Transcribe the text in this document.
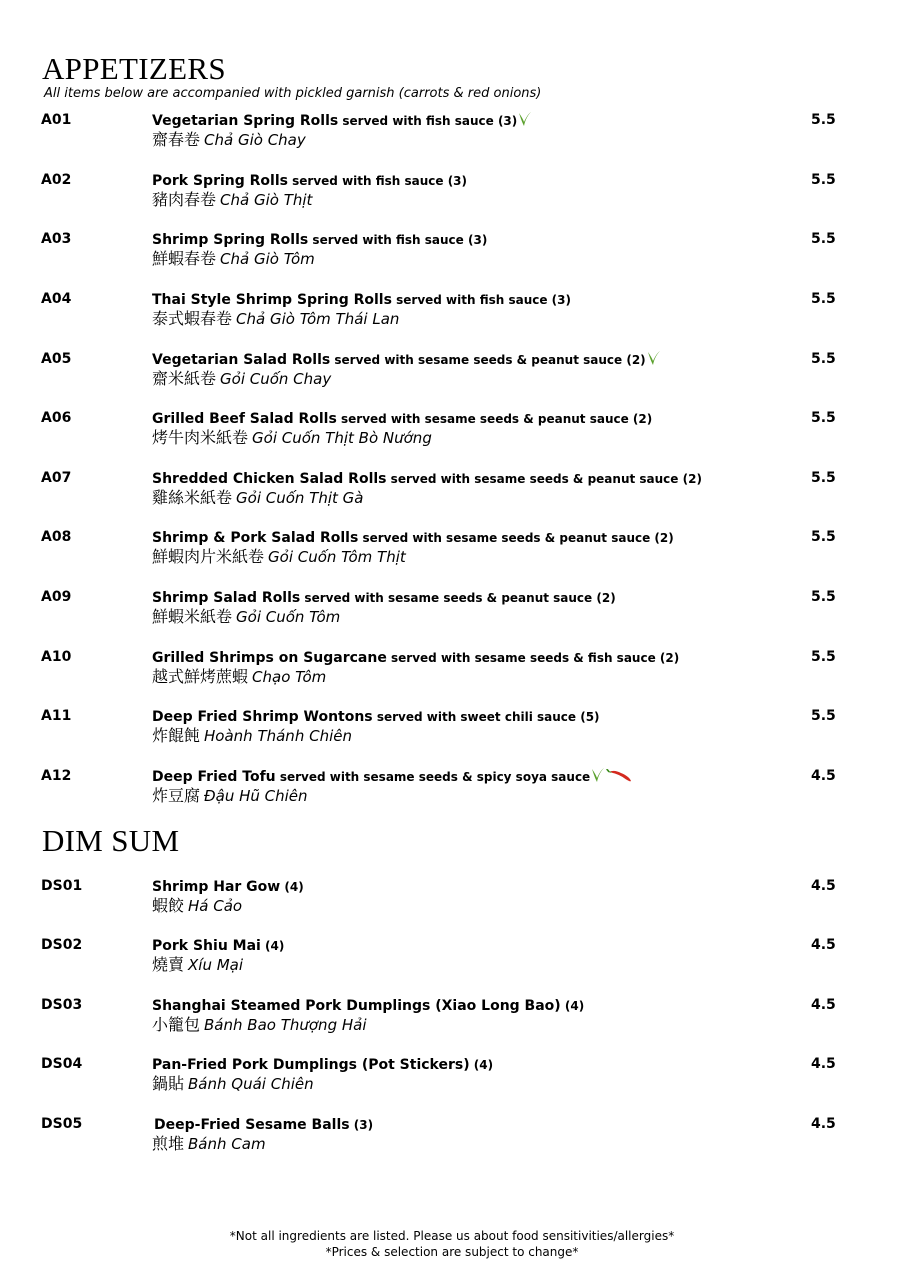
APPETIZERS

All items below are accompanied with pickled garnish (carrots & red onions)

A01	Vegetarian Spring Rolls served with fish sauce (3)
齋春卷 Chả Giò Chay
5.5
A02	Pork Spring Rolls served with fish sauce (3)
豬肉春卷 Chả Giò Thịt
5.5
A03	Shrimp Spring Rolls served with fish sauce (3)
鮮蝦春卷 Chả Giò Tôm
5.5
A04	Thai Style Shrimp Spring Rolls served with fish sauce (3)
泰式蝦春卷 Chả Giò Tôm Thái Lan
5.5
A05	Vegetarian Salad Rolls served with sesame seeds & peanut sauce (2)
齋米紙卷 Gỏi Cuốn Chay
5.5
A06	Grilled Beef Salad Rolls served with sesame seeds & peanut sauce (2)
烤牛肉米紙卷 Gỏi Cuốn Thịt Bò Nướng
5.5
A07	Shredded Chicken Salad Rolls served with sesame seeds & peanut sauce (2)
雞絲米紙卷 Gỏi Cuốn Thịt Gà
5.5
A08	Shrimp & Pork Salad Rolls served with sesame seeds & peanut sauce (2)
鮮蝦肉片米紙卷 Gỏi Cuốn Tôm Thịt
5.5
A09	Shrimp Salad Rolls served with sesame seeds & peanut sauce (2)
鮮蝦米紙卷 Gỏi Cuốn Tôm
5.5
A10	Grilled Shrimps on Sugarcane served with sesame seeds & fish sauce (2)
越式鮮烤蔗蝦 Chạo Tôm
5.5
A11	Deep Fried Shrimp Wontons served with sweet chili sauce (5)
炸餛飩 Hoành Thánh Chiên
5.5
A12	Deep Fried Tofu served with sesame seeds & spicy soya sauce
炸豆腐 Đậu Hũ Chiên
4.5
DIM SUM
DS01	Shrimp Har Gow (4)
蝦餃 Há Cảo
4.5
DS02	Pork Shiu Mai (4)
燒賣 Xíu Mại
4.5
DS03	Shanghai Steamed Pork Dumplings (Xiao Long Bao) (4)
小籠包 Bánh Bao Thượng Hải
4.5
DS04	Pan-Fried Pork Dumplings (Pot Stickers) (4)
鍋貼 Bánh Quái Chiên
4.5
DS05	Deep-Fried Sesame Balls (3)
煎堆 Bánh Cam
4.5
*Not all ingredients are listed. Please us about food sensitivities/allergies*
*Prices & selection are subject to change*
